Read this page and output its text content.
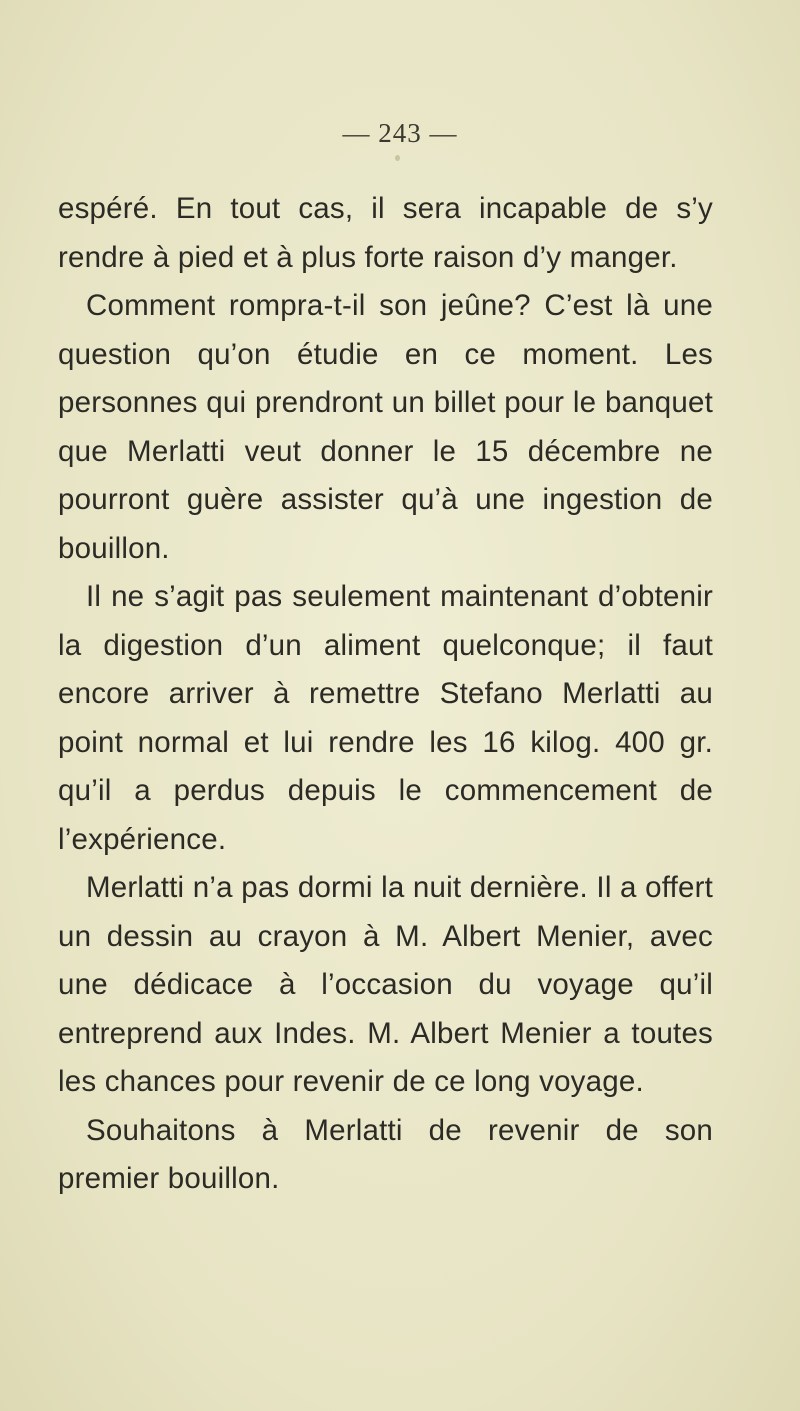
— 243 —

espéré. En tout cas, il sera incapable de s’y rendre à pied et à plus forte raison d’y manger.

Comment rompra-t-il son jeûne? C’est là une question qu’on étudie en ce moment. Les personnes qui prendront un billet pour le banquet que Merlatti veut donner le 15 décembre ne pourront guère assister qu’à une ingestion de bouillon.

Il ne s’agit pas seulement maintenant d’obtenir la digestion d’un aliment quelconque; il faut encore arriver à remettre Stefano Merlatti au point normal et lui rendre les 16 kilog. 400 gr. qu’il a perdus depuis le commencement de l’expérience.

Merlatti n’a pas dormi la nuit dernière. Il a offert un dessin au crayon à M. Albert Menier, avec une dédicace à l’occasion du voyage qu’il entreprend aux Indes. M. Albert Menier a toutes les chances pour revenir de ce long voyage.

Souhaitons à Merlatti de revenir de son premier bouillon.
